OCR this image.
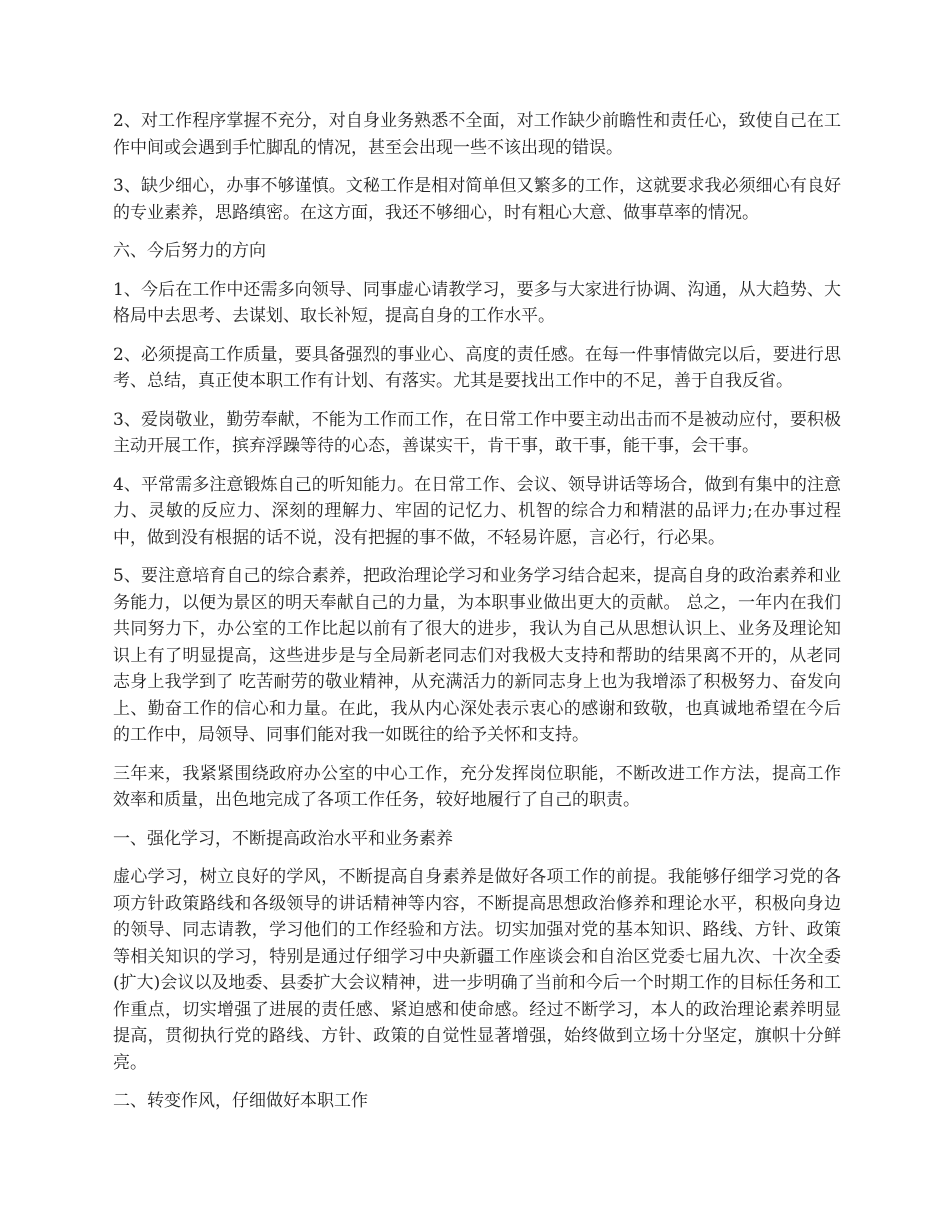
2、对工作程序掌握不充分，对自身业务熟悉不全面，对工作缺少前瞻性和责任心，致使自己在工作中间或会遇到手忙脚乱的情况，甚至会出现一些不该出现的错误。

3、缺少细心，办事不够谨慎。文秘工作是相对简单但又繁多的工作，这就要求我必须细心有良好的专业素养，思路缜密。在这方面，我还不够细心，时有粗心大意、做事草率的情况。

六、今后努力的方向

1、今后在工作中还需多向领导、同事虚心请教学习，要多与大家进行协调、沟通，从大趋势、大格局中去思考、去谋划、取长补短，提高自身的工作水平。

2、必须提高工作质量，要具备强烈的事业心、高度的责任感。在每一件事情做完以后，要进行思考、总结，真正使本职工作有计划、有落实。尤其是要找出工作中的不足，善于自我反省。

3、爱岗敬业，勤劳奉献，不能为工作而工作，在日常工作中要主动出击而不是被动应付，要积极主动开展工作，摈弃浮躁等待的心态，善谋实干，肯干事，敢干事，能干事，会干事。

4、平常需多注意锻炼自己的听知能力。在日常工作、会议、领导讲话等场合，做到有集中的注意力、灵敏的反应力、深刻的理解力、牢固的记忆力、机智的综合力和精湛的品评力;在办事过程中，做到没有根据的话不说，没有把握的事不做，不轻易许愿，言必行，行必果。

5、要注意培育自己的综合素养，把政治理论学习和业务学习结合起来，提高自身的政治素养和业务能力，以便为景区的明天奉献自己的力量，为本职事业做出更大的贡献。 总之，一年内在我们共同努力下，办公室的工作比起以前有了很大的进步，我认为自己从思想认识上、业务及理论知识上有了明显提高，这些进步是与全局新老同志们对我极大支持和帮助的结果离不开的，从老同志身上我学到了 吃苦耐劳的敬业精神，从充满活力的新同志身上也为我增添了积极努力、奋发向上、勤奋工作的信心和力量。在此，我从内心深处表示衷心的感谢和致敬，也真诚地希望在今后的工作中，局领导、同事们能对我一如既往的给予关怀和支持。

三年来，我紧紧围绕政府办公室的中心工作，充分发挥岗位职能，不断改进工作方法，提高工作效率和质量，出色地完成了各项工作任务，较好地履行了自己的职责。

一、强化学习，不断提高政治水平和业务素养

虚心学习，树立良好的学风，不断提高自身素养是做好各项工作的前提。我能够仔细学习党的各项方针政策路线和各级领导的讲话精神等内容，不断提高思想政治修养和理论水平，积极向身边的领导、同志请教，学习他们的工作经验和方法。切实加强对党的基本知识、路线、方针、政策等相关知识的学习，特别是通过仔细学习中央新疆工作座谈会和自治区党委七届九次、十次全委(扩大)会议以及地委、县委扩大会议精神，进一步明确了当前和今后一个时期工作的目标任务和工作重点，切实增强了进展的责任感、紧迫感和使命感。经过不断学习，本人的政治理论素养明显提高，贯彻执行党的路线、方针、政策的自觉性显著增强，始终做到立场十分坚定，旗帜十分鲜亮。

二、转变作风，仔细做好本职工作
